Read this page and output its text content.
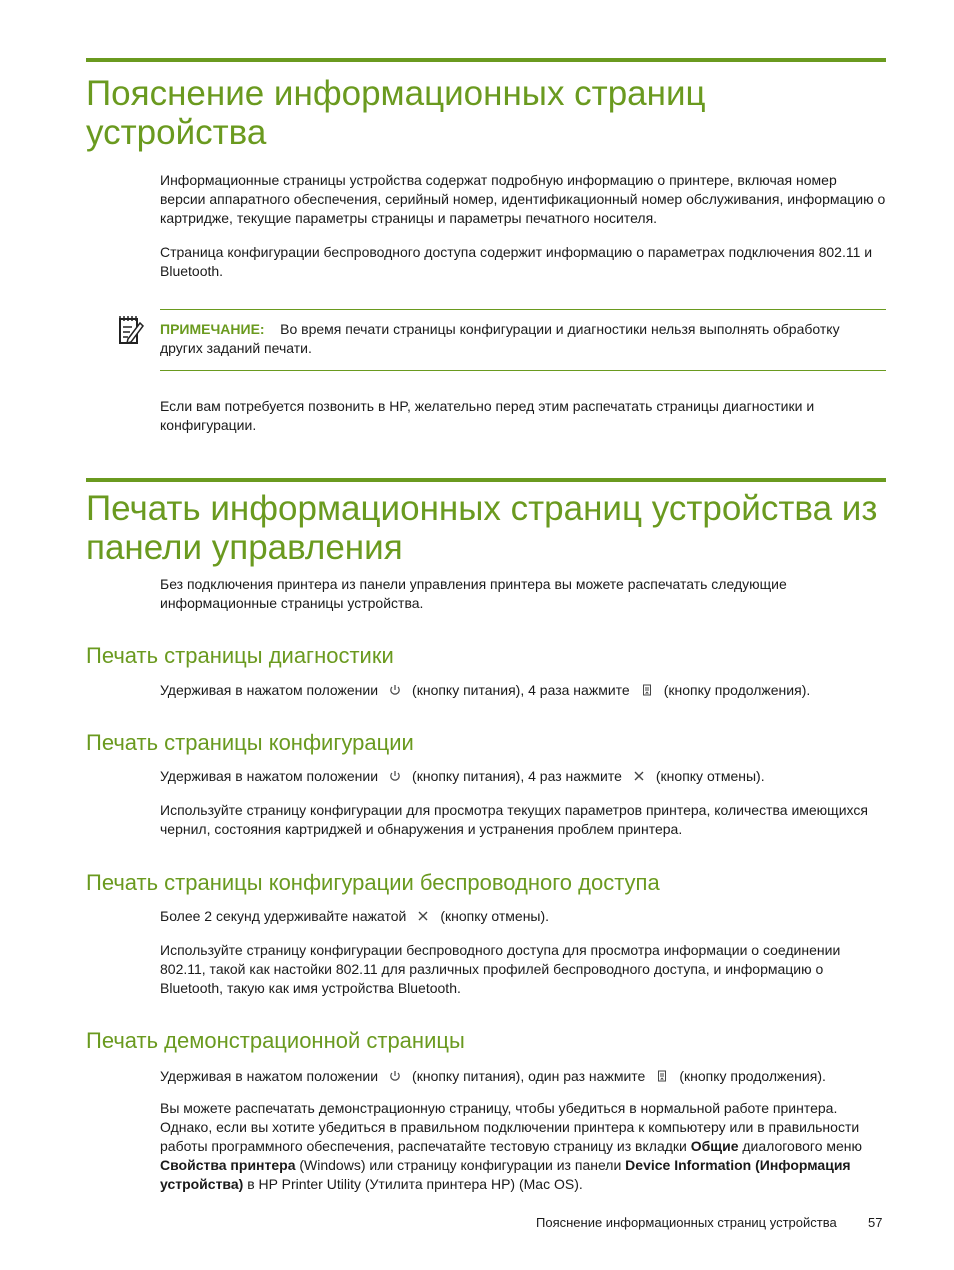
Пояснение информационных страниц устройства

Информационные страницы устройства содержат подробную информацию о принтере, включая номер версии аппаратного обеспечения, серийный номер, идентификационный номер обслуживания, информацию о картридже, текущие параметры страницы и параметры печатного носителя.

Страница конфигурации беспроводного доступа содержит информацию о параметрах подключения 802.11 и Bluetooth.

ПРИМЕЧАНИЕ: Во время печати страницы конфигурации и диагностики нельзя выполнять обработку других заданий печати.

Если вам потребуется позвонить в HP, желательно перед этим распечатать страницы диагностики и конфигурации.

Печать информационных страниц устройства из панели управления

Без подключения принтера из панели управления принтера вы можете распечатать следующие информационные страницы устройства.

Печать страницы диагностики

Удерживая в нажатом положении (кнопку питания), 4 раза нажмите (кнопку продолжения).

Печать страницы конфигурации

Удерживая в нажатом положении (кнопку питания), 4 раз нажмите (кнопку отмены).

Используйте страницу конфигурации для просмотра текущих параметров принтера, количества имеющихся чернил, состояния картриджей и обнаружения и устранения проблем принтера.

Печать страницы конфигурации беспроводного доступа

Более 2 секунд удерживайте нажатой (кнопку отмены).

Используйте страницу конфигурации беспроводного доступа для просмотра информации о соединении 802.11, такой как настойки 802.11 для различных профилей беспроводного доступа, и информацию о Bluetooth, такую как имя устройства Bluetooth.

Печать демонстрационной страницы

Удерживая в нажатом положении (кнопку питания), один раз нажмите (кнопку продолжения).

Вы можете распечатать демонстрационную страницу, чтобы убедиться в нормальной работе принтера. Однако, если вы хотите убедиться в правильном подключении принтера к компьютеру или в правильности работы программного обеспечения, распечатайте тестовую страницу из вкладки Общие диалогового меню Свойства принтера (Windows) или страницу конфигурации из панели Device Information (Информация устройства) в HP Printer Utility (Утилита принтера HP) (Mac OS).

Пояснение информационных страниц устройства 57
